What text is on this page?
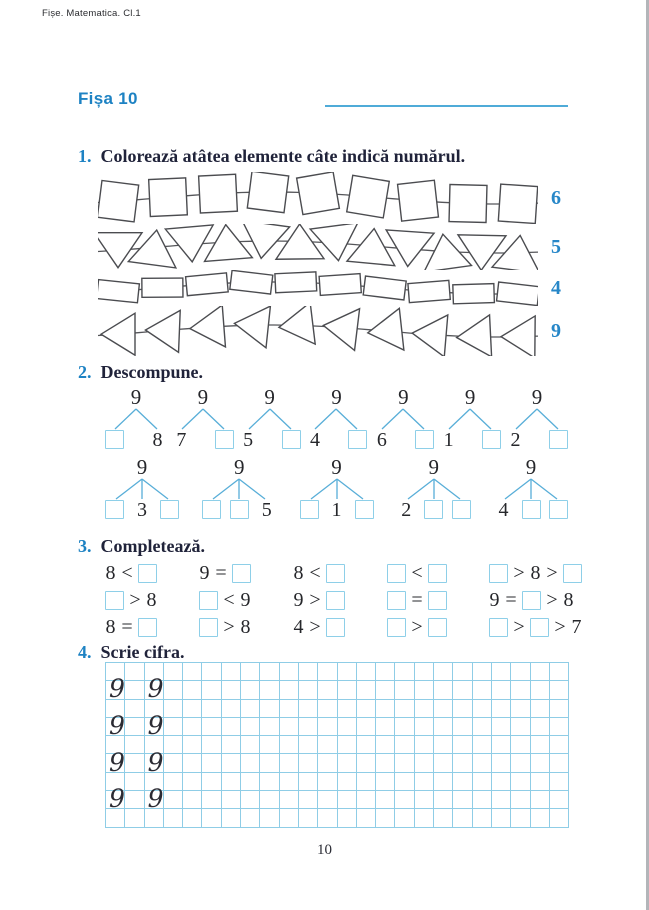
Fișe. Matematica. Cl.1
Fișa 10
1. Colorează atâtea elemente câte indică numărul.
6
5
4
9
2. Descompune.
9
8
9
7
9
5
9
4
9
6
9
1
9
2
9
3
9
5
9
1
9
2
9
4
3. Completează.
8 <
> 8
8 =
9 =
< 9
> 8
8 <
9 >
4 >
<
=
>
> 8 >
9 = > 8
> > 7
4. Scrie cifra.
9 9
9 9
9 9
9 9
10
